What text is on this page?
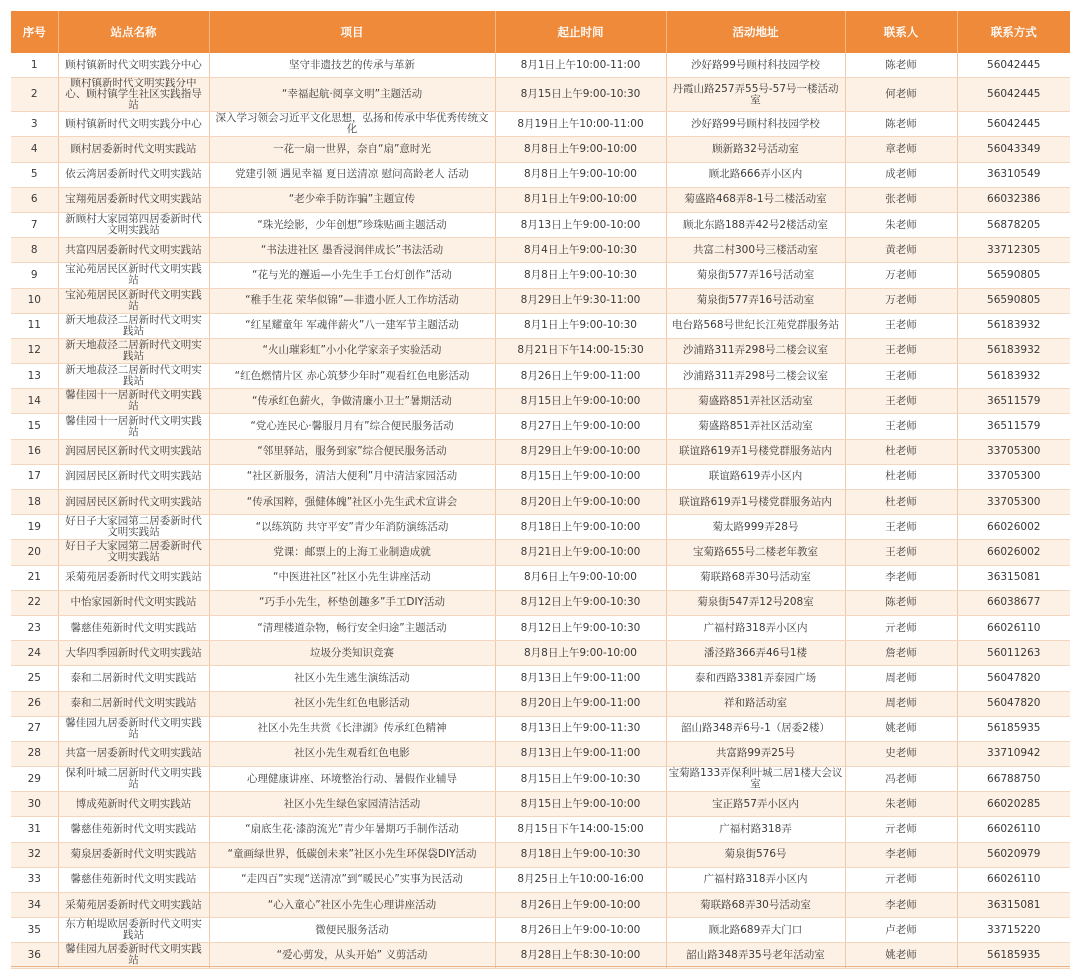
序号	站点名称	项目	起止时间	活动地址	联系人	联系方式
1	顾村镇新时代文明实践分中心	坚守非遗技艺的传承与革新	8月1日上午10:00-11:00	沙好路99号顾村科技园学校	陈老师	56042445
2	顾村镇新时代文明实践分中心、顾村镇学生社区实践指导站	“幸福起航·阅享文明”主题活动	8月15日上午9:00-10:30	丹霞山路257弄55号-57号一楼活动室	何老师	56042445
3	顾村镇新时代文明实践分中心	深入学习领会习近平文化思想，弘扬和传承中华优秀传统文化	8月19日上午10:00-11:00	沙好路99号顾村科技园学校	陈老师	56042445
4	顾村居委新时代文明实践站	一花一扇一世界，奈自“扇”意时光	8月8日上午9:00-10:00	顾新路32号活动室	章老师	56043349
5	依云湾居委新时代文明实践站	党建引领 遇见幸福 夏日送清凉 慰问高龄老人 活动	8月8日上午9:00-10:00	顾北路666弄小区内	成老师	36310549
6	宝翔苑居委新时代文明实践站	“老少牵手防诈骗”主题宣传	8月1日上午9:00-10:00	菊盛路468弄8-1号二楼活动室	张老师	66032386
7	新顾村大家园第四居委新时代文明实践站	“珠光绘影，少年创想”珍珠贴画主题活动	8月13日上午9:00-10:00	顾北东路188弄42号2楼活动室	朱老师	56878205
8	共富四居委新时代文明实践站	“书法进社区 墨香浸润伴成长”书法活动	8月4日上午9:00-10:30	共富二村300号三楼活动室	黄老师	33712305
9	宝沁苑居民区新时代文明实践站	“花与光的邂逅—小先生手工台灯创作”活动	8月8日上午9:00-10:30	菊泉街577弄16号活动室	万老师	56590805
10	宝沁苑居民区新时代文明实践站	“稚手生花 荣华似锦”—非遗小匠人工作坊活动	8月29日上午9:30-11:00	菊泉街577弄16号活动室	万老师	56590805
11	新天地菽泾二居新时代文明实践站	“红星耀童年 军魂伴薪火”八一建军节主题活动	8月1日上午9:00-10:30	电台路568号世纪长江苑党群服务站	王老师	56183932
12	新天地菽泾二居新时代文明实践站	“火山璀彩虹”小小化学家亲子实验活动	8月21日下午14:00-15:30	沙浦路311弄298号二楼会议室	王老师	56183932
13	新天地菽泾二居新时代文明实践站	“红色燃情片区 赤心筑梦少年时”观看红色电影活动	8月26日上午9:00-11:00	沙浦路311弄298号二楼会议室	王老师	56183932
14	馨佳园十一居新时代文明实践站	“传承红色薪火，争做清廉小卫士”暑期活动	8月15日上午9:00-10:00	菊盛路851弄社区活动室	王老师	36511579
15	馨佳园十一居新时代文明实践站	“党心连民心·馨服月月有”综合便民服务活动	8月27日上午9:00-10:00	菊盛路851弄社区活动室	王老师	36511579
16	润园居民区新时代文明实践站	“邻里驿站，服务到家”综合便民服务活动	8月29日上午9:00-10:00	联谊路619弄1号楼党群服务站内	杜老师	33705300
17	润园居民区新时代文明实践站	“社区新服务，清洁大便利”月中清洁家园活动	8月15日上午9:00-10:00	联谊路619弄小区内	杜老师	33705300
18	润园居民区新时代文明实践站	“传承国粹，强健体魄”社区小先生武术宣讲会	8月20日上午9:00-10:00	联谊路619弄1号楼党群服务站内	杜老师	33705300
19	好日子大家园第二居委新时代文明实践站	“以练筑防 共守平安”青少年消防演练活动	8月18日上午9:00-10:00	菊太路999弄28号	王老师	66026002
20	好日子大家园第二居委新时代文明实践站	党课：邮票上的上海工业制造成就	8月21日上午9:00-10:00	宝菊路655号二楼老年教室	王老师	66026002
21	采菊苑居委新时代文明实践站	“中医进社区”社区小先生讲座活动	8月6日上午9:00-10:00	菊联路68弄30号活动室	李老师	36315081
22	中怡家园新时代文明实践站	“巧手小先生，杯垫创趣多”手工DIY活动	8月12日上午9:00-10:30	菊泉街547弄12号208室	陈老师	66038677
23	馨慈佳苑新时代文明实践站	“清理楼道杂物，畅行安全归途”主题活动	8月12日上午9:00-10:30	广福村路318弄小区内	亓老师	66026110
24	大华四季园新时代文明实践站	垃圾分类知识竞赛	8月8日上午9:00-10:00	潘泾路366弄46号1楼	詹老师	56011263
25	泰和二居新时代文明实践站	社区小先生逃生演练活动	8月13日上午9:00-11:00	泰和西路3381弄泰园广场	周老师	56047820
26	泰和二居新时代文明实践站	社区小先生红色电影活动	8月20日上午9:00-11:00	祥和路活动室	周老师	56047820
27	馨佳园九居委新时代文明实践站	社区小先生共赏《长津湖》传承红色精神	8月13日上午9:00-11:30	韶山路348弄6号-1（居委2楼）	姚老师	56185935
28	共富一居委新时代文明实践站	社区小先生观看红色电影	8月13日上午9:00-11:00	共富路99弄25号	史老师	33710942
29	保利叶城二居新时代文明实践站	心理健康讲座、环境整治行动、暑假作业辅导	8月15日上午9:00-10:30	宝菊路133弄保利叶城二居1楼大会议室	冯老师	66788750
30	博成苑新时代文明实践站	社区小先生绿色家园清洁活动	8月15日上午9:00-10:00	宝正路57弄小区内	朱老师	66020285
31	馨慈佳苑新时代文明实践站	“扇底生花·漆韵流光”青少年暑期巧手制作活动	8月15日下午14:00-15:00	广福村路318弄	亓老师	66026110
32	菊泉居委新时代文明实践站	“童画绿世界，低碳创未来”社区小先生环保袋DIY活动	8月18日上午9:00-10:30	菊泉街576号	李老师	56020979
33	馨慈佳苑新时代文明实践站	“走四百”实现“送清凉”到“暖民心”实事为民活动	8月25日上午10:00-16:00	广福村路318弄小区内	亓老师	66026110
34	采菊苑居委新时代文明实践站	“心入童心”社区小先生心理讲座活动	8月26日上午9:00-10:00	菊联路68弄30号活动室	李老师	36315081
35	东方帕堤欧居委新时代文明实践站	微便民服务活动	8月26日上午9:00-10:00	顾北路689弄大门口	卢老师	33715220
36	馨佳园九居委新时代文明实践站	“爱心剪发，从头开始” 义剪活动	8月28日上午8:30-10:00	韶山路348弄35号老年活动室	姚老师	56185935
